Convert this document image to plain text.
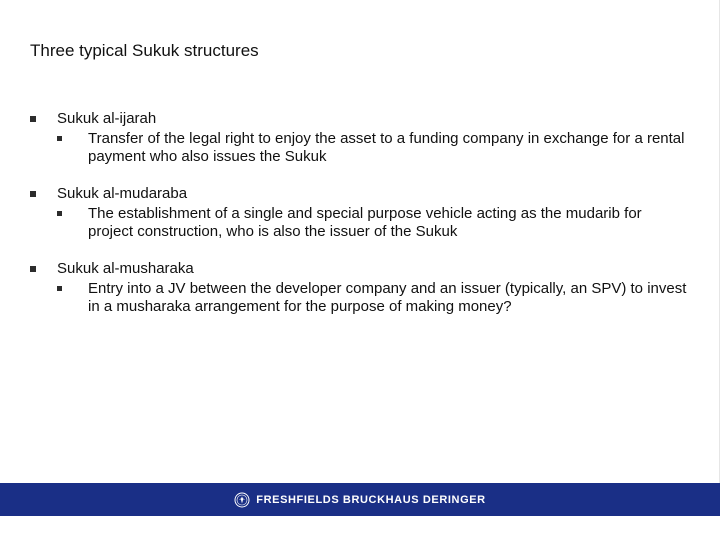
Three typical Sukuk structures
Sukuk al-ijarah
Transfer of the legal right to enjoy the asset to a funding company in exchange for a rental payment who also issues the Sukuk
Sukuk al-mudaraba
The establishment of a single and special purpose vehicle acting as the mudarib for project construction, who is also the issuer of the Sukuk
Sukuk al-musharaka
Entry into a JV between the developer company and an issuer (typically, an SPV) to invest in a musharaka arrangement for the purpose of making money?
FRESHFIELDS BRUCKHAUS DERINGER
